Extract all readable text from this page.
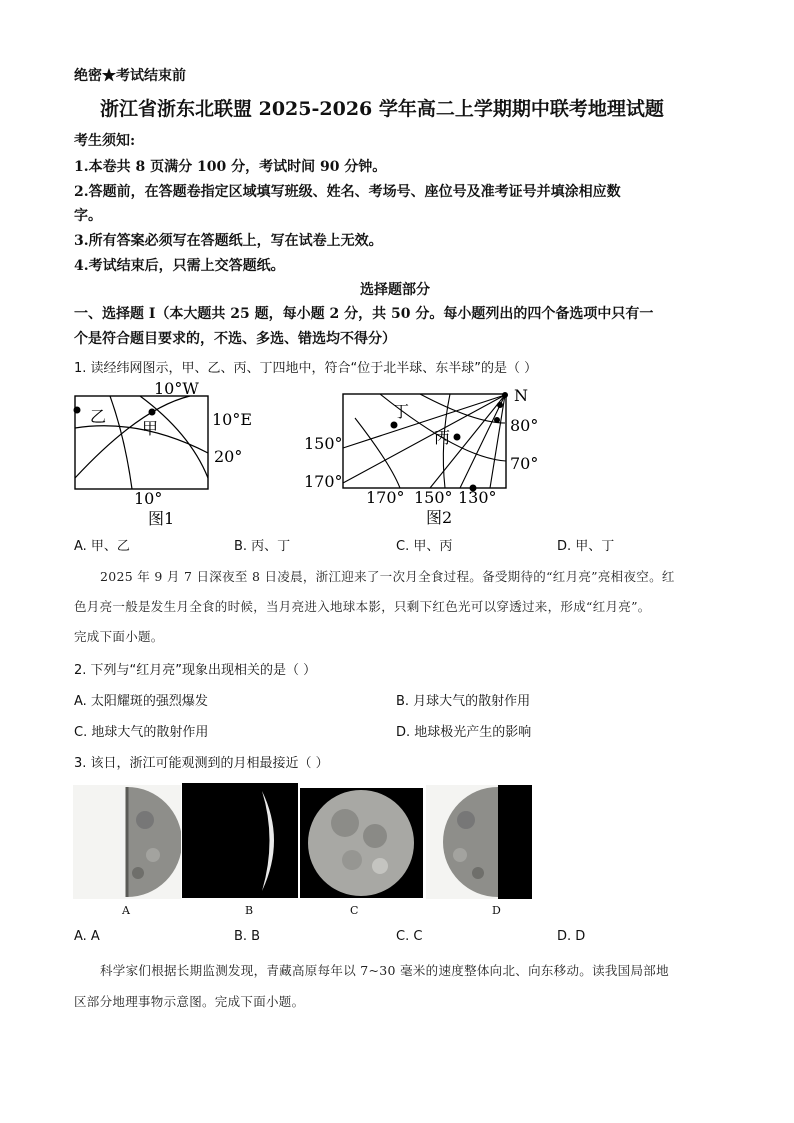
绝密★考试结束前
浙江省浙东北联盟 2025-2026 学年高二上学期期中联考地理试题
考生须知:
1.本卷共 8 页满分 100 分，考试时间 90 分钟。
2.答题前，在答题卷指定区域填写班级、姓名、考场号、座位号及准考证号并填涂相应数
字。
3.所有答案必须写在答题纸上，写在试卷上无效。
4.考试结束后，只需上交答题纸。
选择题部分
一、选择题 I（本大题共 25 题，每小题 2 分，共 50 分。每小题列出的四个备选项中只有一
个是符合题目要求的，不选、多选、错选均不得分）
1. 读经纬网图示，甲、乙、丙、丁四地中，符合“位于北半球、东半球”的是（ ）
乙
甲
10°W
10°E
20°
10°
图1
丁
丙
N
80°
70°
150°
170°
170° 150° 130°
图2
A. 甲、乙	B. 丙、丁	C. 甲、丙	D. 甲、丁
2025 年 9 月 7 日深夜至 8 日凌晨，浙江迎来了一次月全食过程。备受期待的“红月亮”亮相夜空。红
色月亮一般是发生月全食的时候，当月亮进入地球本影，只剩下红色光可以穿透过来，形成“红月亮”。
完成下面小题。
2. 下列与“红月亮”现象出现相关的是（ ）
A. 太阳耀斑的强烈爆发	B. 月球大气的散射作用
C. 地球大气的散射作用	D. 地球极光产生的影响
3. 该日，浙江可能观测到的月相最接近（ ）
A	B	C	D
A. A	B. B	C. C	D. D
科学家们根据长期监测发现，青藏高原每年以 7~30 毫米的速度整体向北、向东移动。读我国局部地
区部分地理事物示意图。完成下面小题。
